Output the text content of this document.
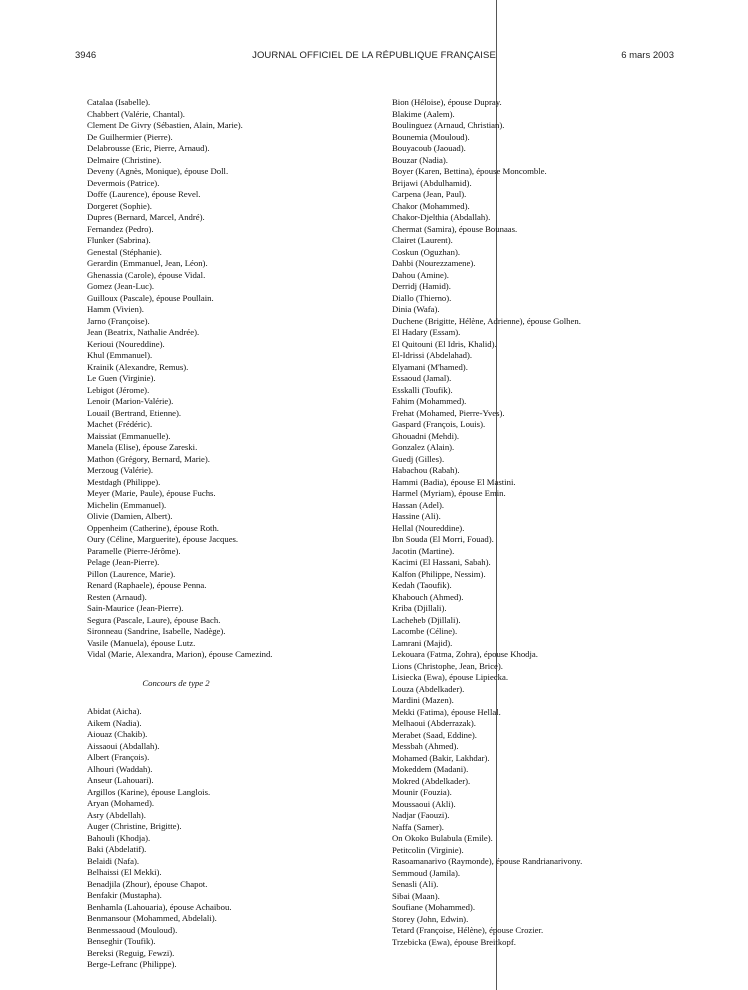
3946	JOURNAL OFFICIEL DE LA RÉPUBLIQUE FRANÇAISE	6 mars 2003
Catalaa (Isabelle).
Chabbert (Valérie, Chantal).
Clement De Givry (Sébastien, Alain, Marie).
De Guilhermier (Pierre).
Delabrousse (Eric, Pierre, Arnaud).
Delmaire (Christine).
Deveny (Agnès, Monique), épouse Doll.
Devermois (Patrice).
Doffe (Laurence), épouse Revel.
Dorgeret (Sophie).
Dupres (Bernard, Marcel, André).
Fernandez (Pedro).
Flunker (Sabrina).
Genestal (Stéphanie).
Gerardin (Emmanuel, Jean, Léon).
Ghenassia (Carole), épouse Vidal.
Gomez (Jean-Luc).
Guilloux (Pascale), épouse Poullain.
Hamm (Vivien).
Jarno (Françoise).
Jean (Beatrix, Nathalie Andrée).
Kerioui (Noureddine).
Khul (Emmanuel).
Krainik (Alexandre, Remus).
Le Guen (Virginie).
Lebigot (Jérome).
Lenoir (Marion-Valérie).
Louail (Bertrand, Etienne).
Machet (Frédéric).
Maissiat (Emmanuelle).
Manela (Elise), épouse Zareski.
Mathon (Grégory, Bernard, Marie).
Merzoug (Valérie).
Mestdagh (Philippe).
Meyer (Marie, Paule), épouse Fuchs.
Michelin (Emmanuel).
Olivie (Damien, Albert).
Oppenheim (Catherine), épouse Roth.
Oury (Céline, Marguerite), épouse Jacques.
Paramelle (Pierre-Jérôme).
Pelage (Jean-Pierre).
Pillon (Laurence, Marie).
Renard (Raphaele), épouse Penna.
Resten (Arnaud).
Sain-Maurice (Jean-Pierre).
Segura (Pascale, Laure), épouse Bach.
Sironneau (Sandrine, Isabelle, Nadège).
Vasile (Manuela), épouse Lutz.
Vidal (Marie, Alexandra, Marion), épouse Camezind.
Concours de type 2
Abidat (Aicha).
Aikem (Nadia).
Aiouaz (Chakib).
Aissaoui (Abdallah).
Albert (François).
Alhouri (Waddah).
Anseur (Lahouari).
Argillos (Karine), épouse Langlois.
Aryan (Mohamed).
Asry (Abdellah).
Auger (Christine, Brigitte).
Bahouli (Khodja).
Baki (Abdelatif).
Belaidi (Nafa).
Belhaissi (El Mekki).
Benadjila (Zhour), épouse Chapot.
Benfakir (Mustapha).
Benhamla (Lahouaria), épouse Achaibou.
Benmansour (Mohammed, Abdelali).
Benmessaoud (Mouloud).
Benseghir (Toufik).
Bereksi (Reguig, Fewzi).
Berge-Lefranc (Philippe).
Bion (Héloise), épouse Dupray.
Blakime (Aalem).
Boulinguez (Arnaud, Christian).
Bounemia (Mouloud).
Bouyacoub (Jaouad).
Bouzar (Nadia).
Boyer (Karen, Bettina), épouse Moncomble.
Brijawi (Abdulhamid).
Carpena (Jean, Paul).
Chakor (Mohammed).
Chakor-Djelthia (Abdallah).
Chermat (Samira), épouse Bounaas.
Clairet (Laurent).
Coskun (Oguzhan).
Dahbi (Nourezzamene).
Dahou (Amine).
Derridj (Hamid).
Diallo (Thierno).
Dinia (Wafa).
Duchene (Brigitte, Hélène, Adrienne), épouse Golhen.
El Hadary (Essam).
El Quitouni (El Idris, Khalid).
El-Idrissi (Abdelahad).
Elyamani (M'hamed).
Essaoud (Jamal).
Esskalli (Toufik).
Fahim (Mohammed).
Frehat (Mohamed, Pierre-Yves).
Gaspard (François, Louis).
Ghouadni (Mehdi).
Gonzalez (Alain).
Guedj (Gilles).
Habachou (Rabah).
Hammi (Badia), épouse El Mastini.
Harmel (Myriam), épouse Emin.
Hassan (Adel).
Hassine (Ali).
Hellal (Noureddine).
Ibn Souda (El Morri, Fouad).
Jacotin (Martine).
Kacimi (El Hassani, Sabah).
Kalfon (Philippe, Nessim).
Kedah (Taoufik).
Khabouch (Ahmed).
Kriba (Djillali).
Lacheheb (Djillali).
Lacombe (Céline).
Lamrani (Majid).
Lekouara (Fatma, Zohra), épouse Khodja.
Lions (Christophe, Jean, Brice).
Lisiecka (Ewa), épouse Lipiecka.
Louza (Abdelkader).
Mardini (Mazen).
Mekki (Fatima), épouse Hellal.
Melhaoui (Abderrazak).
Merabet (Saad, Eddine).
Messbah (Ahmed).
Mohamed (Bakir, Lakhdar).
Mokeddem (Madani).
Mokred (Abdelkader).
Mounir (Fouzia).
Moussaoui (Akli).
Nadjar (Faouzi).
Naffa (Samer).
On Okoko Bulabula (Emile).
Petitcolin (Virginie).
Rasoamanarivo (Raymonde), épouse Randrianarivony.
Semmoud (Jamila).
Senasli (Ali).
Sibai (Maan).
Soufiane (Mohammed).
Storey (John, Edwin).
Tetard (Françoise, Hélène), épouse Crozier.
Trzebicka (Ewa), épouse Breitkopf.
